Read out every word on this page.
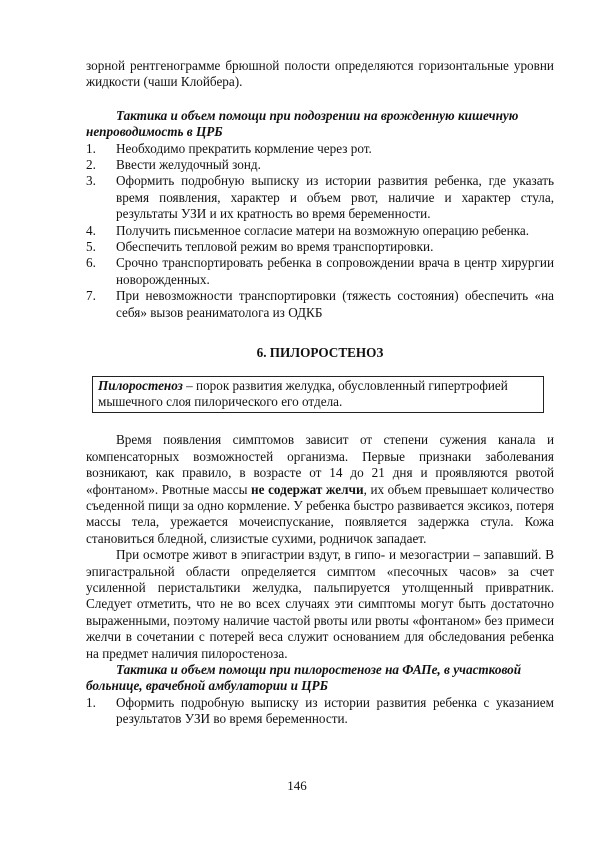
зорной рентгенограмме брюшной полости определяются горизонтальные уровни жидкости (чаши Клойбера).

Тактика и объем помощи при подозрении на врожденную кишечную непроводимость в ЦРБ

1. Необходимо прекратить кормление через рот.
2. Ввести желудочный зонд.
3. Оформить подробную выписку из истории развития ребенка, где указать время появления, характер и объем рвот, наличие и характер стула, результаты УЗИ и их кратность во время беременности.
4. Получить письменное согласие матери на возможную операцию ребенка.
5. Обеспечить тепловой режим во время транспортировки.
6. Срочно транспортировать ребенка в сопровождении врача в центр хирургии новорожденных.
7. При невозможности транспортировки (тяжесть состояния) обеспечить «на себя» вызов реаниматолога из ОДКБ

6. ПИЛОРОСТЕНОЗ

Пилоростеноз – порок развития желудка, обусловленный гипертрофией мышечного слоя пилорического его отдела.

Время появления симптомов зависит от степени сужения канала и компенсаторных возможностей организма. Первые признаки заболевания возникают, как правило, в возрасте от 14 до 21 дня и проявляются рвотой «фонтаном». Рвотные массы не содержат желчи, их объем превышает количество съеденной пищи за одно кормление. У ребенка быстро развивается эксикоз, потеря массы тела, урежается мочеиспускание, появляется задержка стула. Кожа становиться бледной, слизистые сухими, родничок западает.

При осмотре живот в эпигастрии вздут, в гипо- и мезогастрии – запавший. В эпигастральной области определяется симптом «песочных часов» за счет усиленной перистальтики желудка, пальпируется утолщенный привратник. Следует отметить, что не во всех случаях эти симптомы могут быть достаточно выраженными, поэтому наличие частой рвоты или рвоты «фонтаном» без примеси желчи в сочетании с потерей веса служит основанием для обследования ребенка на предмет наличия пилоростеноза.

Тактика и объем помощи при пилоростенозе на ФАПе, в участковой больнице, врачебной амбулатории и ЦРБ

1. Оформить подробную выписку из истории развития ребенка с указанием результатов УЗИ во время беременности.
146
